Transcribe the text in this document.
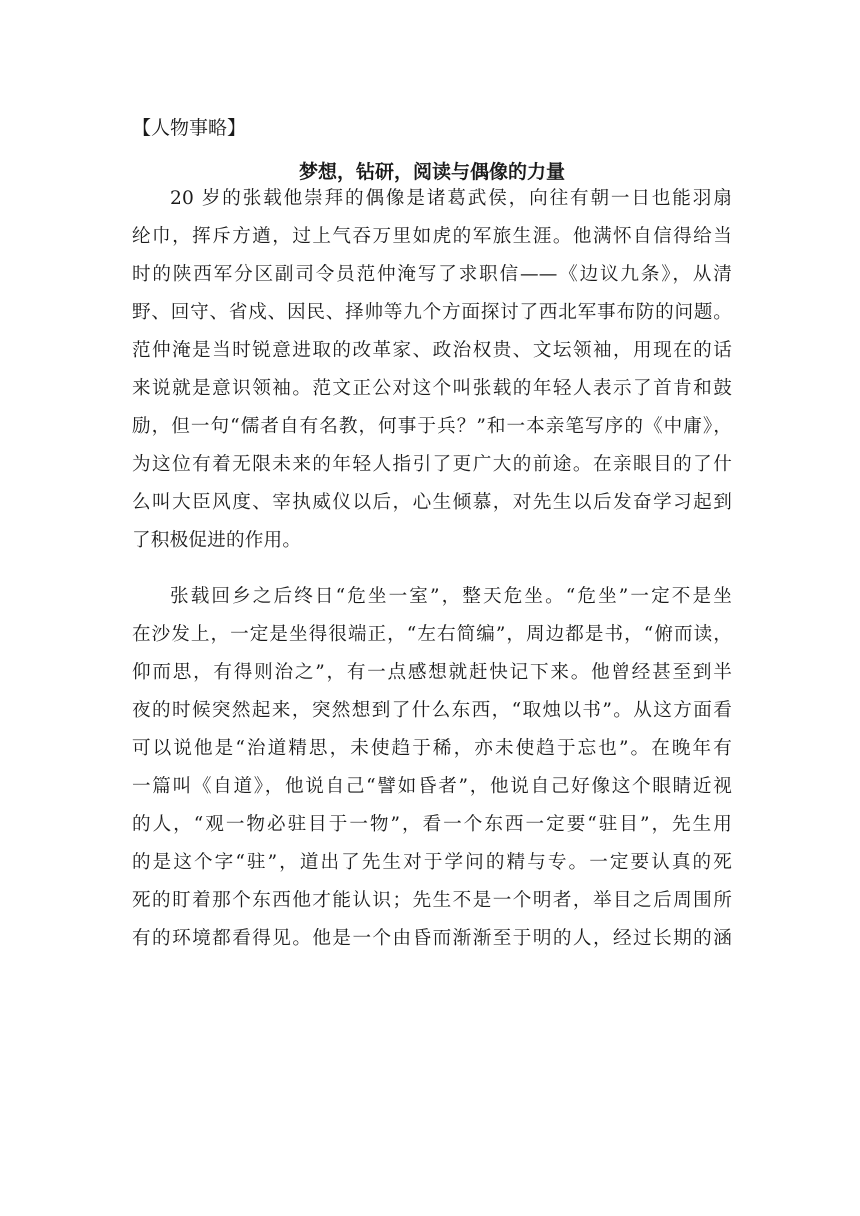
【人物事略】
梦想，钻研，阅读与偶像的力量
20 岁的张载他崇拜的偶像是诸葛武侯，向往有朝一日也能羽扇
纶巾，挥斥方遒，过上气吞万里如虎的军旅生涯。他满怀自信得给当
时的陕西军分区副司令员范仲淹写了求职信——《边议九条》，从清
野、回守、省戍、因民、择帅等九个方面探讨了西北军事布防的问题。
范仲淹是当时锐意进取的改革家、政治权贵、文坛领袖，用现在的话
来说就是意识领袖。范文正公对这个叫张载的年轻人表示了首肯和鼓
励，但一句“儒者自有名教，何事于兵？”和一本亲笔写序的《中庸》，
为这位有着无限未来的年轻人指引了更广大的前途。在亲眼目的了什
么叫大臣风度、宰执威仪以后，心生倾慕，对先生以后发奋学习起到
了积极促进的作用。
张载回乡之后终日“危坐一室”，整天危坐。“危坐”一定不是坐
在沙发上，一定是坐得很端正，“左右简编”，周边都是书，“俯而读，
仰而思，有得则治之”，有一点感想就赶快记下来。他曾经甚至到半
夜的时候突然起来，突然想到了什么东西，“取烛以书”。从这方面看
可以说他是“治道精思，未使趋于稀，亦未使趋于忘也”。在晚年有
一篇叫《自道》，他说自己“譬如昏者”，他说自己好像这个眼睛近视
的人，“观一物必驻目于一物”，看一个东西一定要“驻目”，先生用
的是这个字“驻”，道出了先生对于学问的精与专。一定要认真的死
死的盯着那个东西他才能认识；先生不是一个明者，举目之后周围所
有的环境都看得见。他是一个由昏而渐渐至于明的人，经过长期的涵
